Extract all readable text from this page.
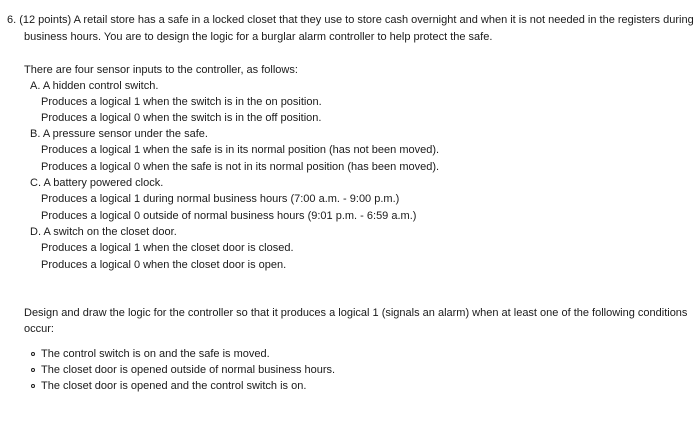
6. (12 points) A retail store has a safe in a locked closet that they use to store cash overnight and when it is not needed in the registers during
business hours. You are to design the logic for a burglar alarm controller to help protect the safe.
There are four sensor inputs to the controller, as follows:
A. A hidden control switch.
Produces a logical 1 when the switch is in the on position.
Produces a logical 0 when the switch is in the off position.
B. A pressure sensor under the safe.
Produces a logical 1 when the safe is in its normal position (has not been moved).
Produces a logical 0 when the safe is not in its normal position (has been moved).
C. A battery powered clock.
Produces a logical 1 during normal business hours (7:00 a.m. - 9:00 p.m.)
Produces a logical 0 outside of normal business hours (9:01 p.m. - 6:59 a.m.)
D. A switch on the closet door.
Produces a logical 1 when the closet door is closed.
Produces a logical 0 when the closet door is open.
Design and draw the logic for the controller so that it produces a logical 1 (signals an alarm) when at least one of the following conditions
occur:
The control switch is on and the safe is moved.
The closet door is opened outside of normal business hours.
The closet door is opened and the control switch is on.
